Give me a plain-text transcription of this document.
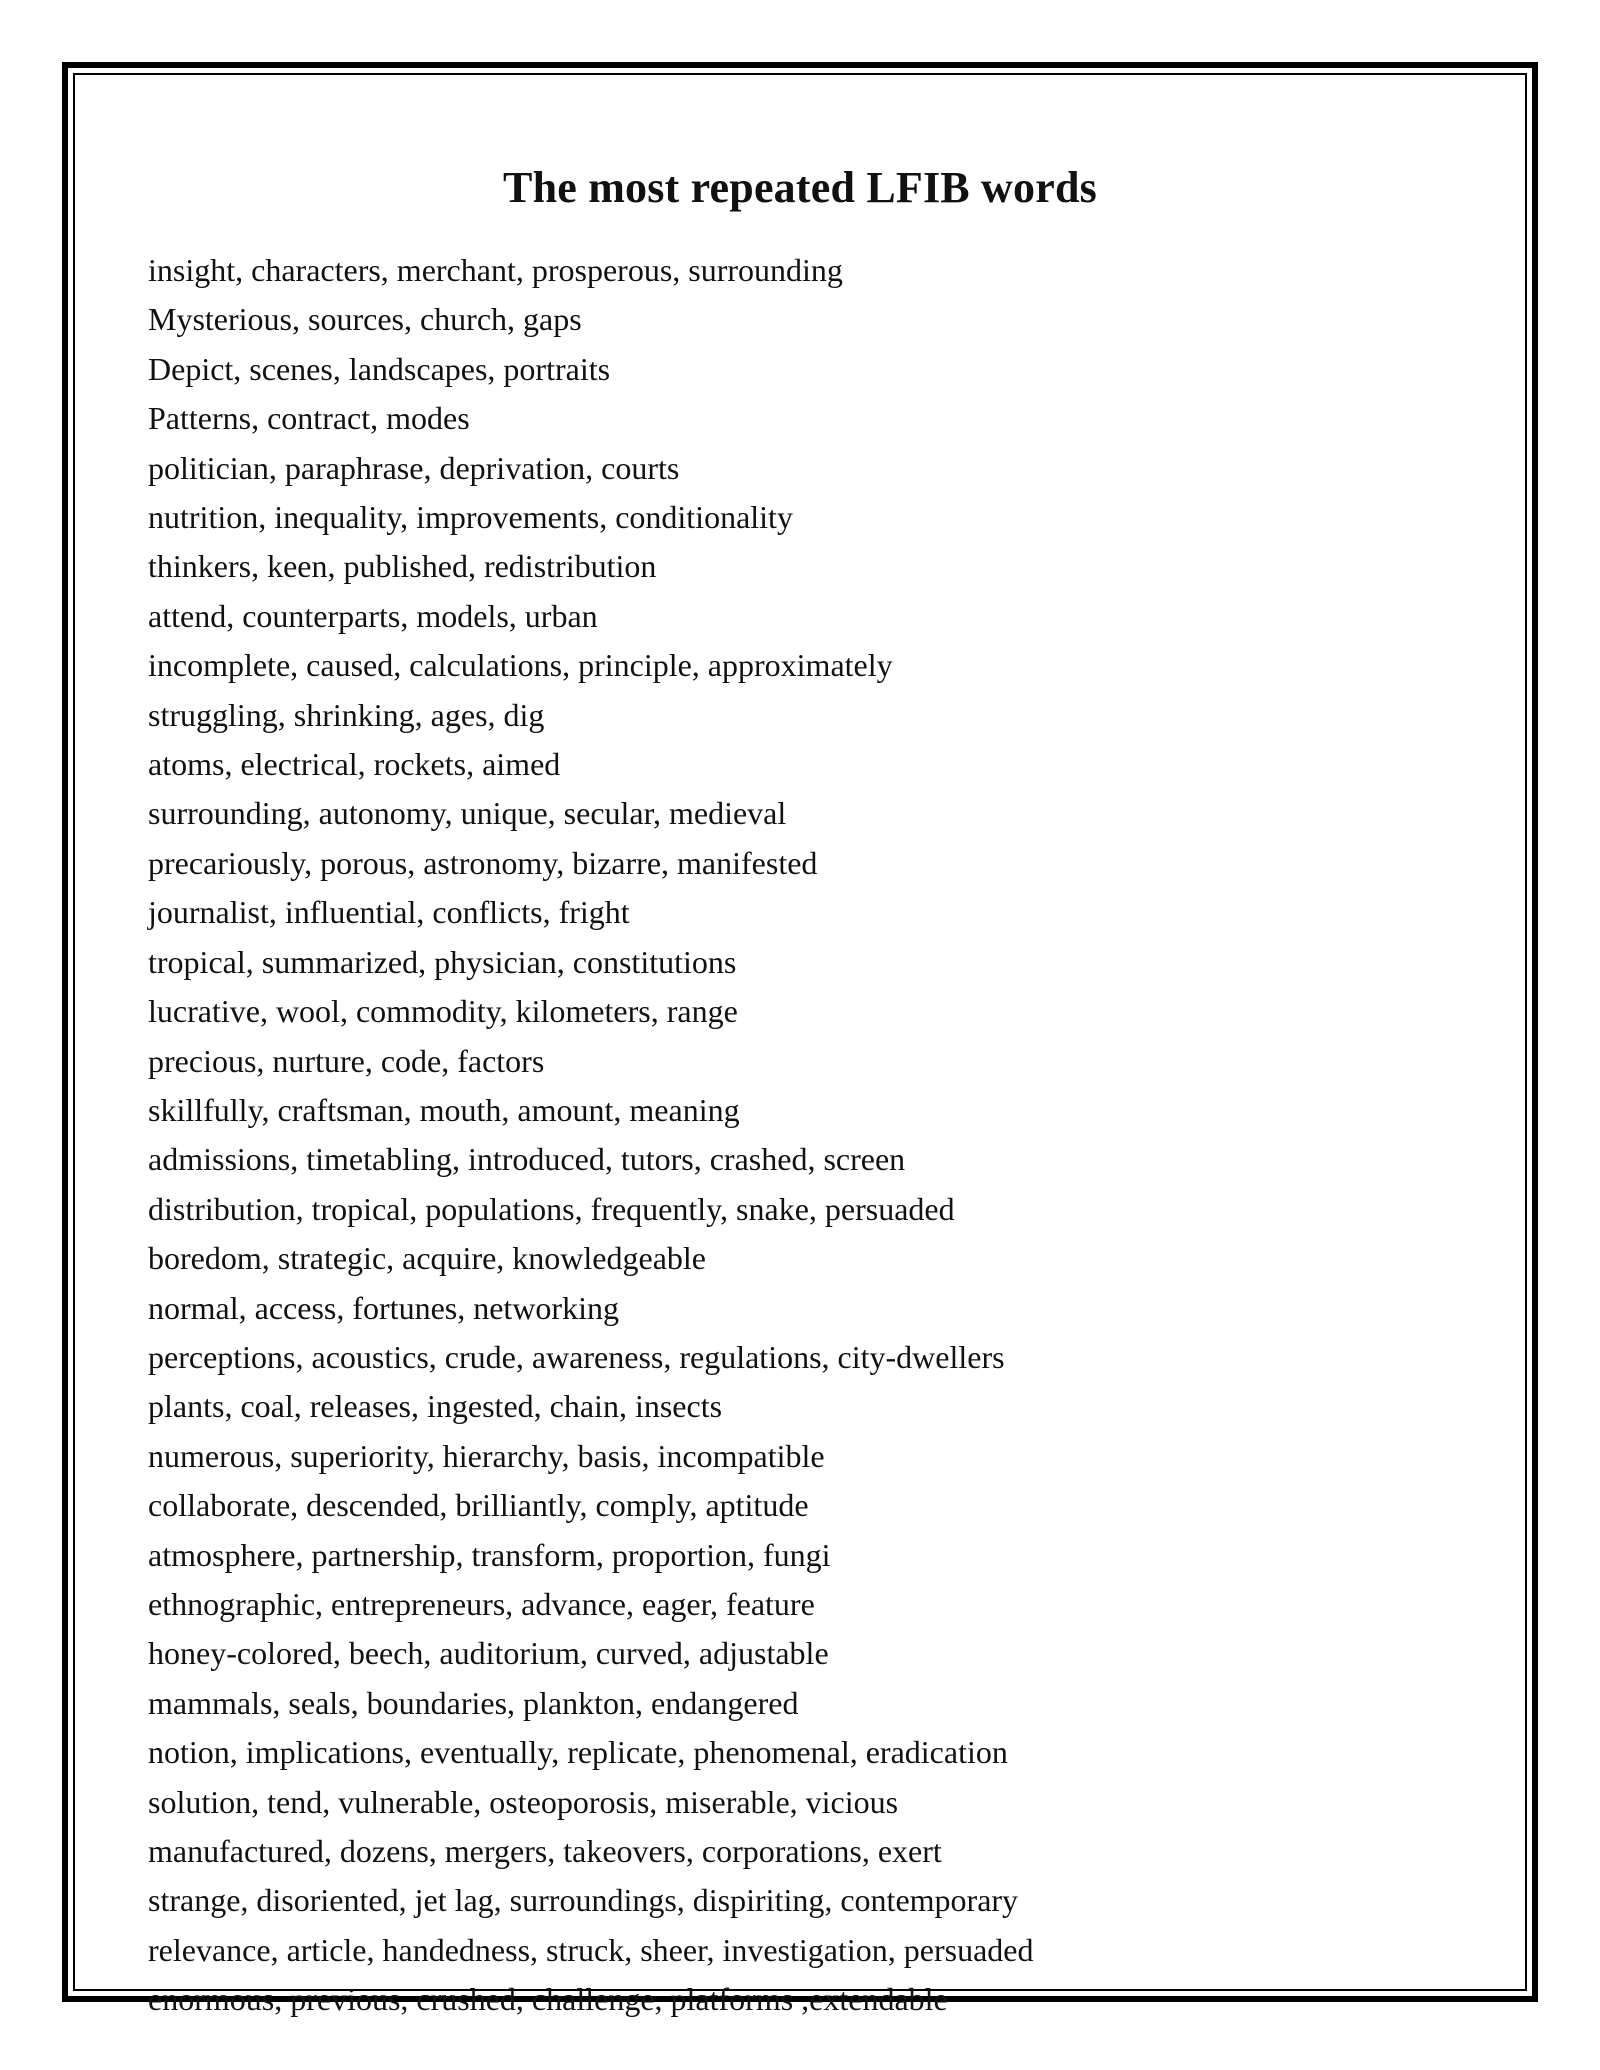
The most repeated LFIB words
insight, characters, merchant, prosperous, surrounding
Mysterious, sources, church, gaps
Depict, scenes, landscapes, portraits
Patterns, contract, modes
politician, paraphrase, deprivation, courts
nutrition, inequality, improvements, conditionality
thinkers, keen, published, redistribution
attend, counterparts, models, urban
incomplete, caused, calculations, principle, approximately
struggling, shrinking, ages, dig
atoms, electrical, rockets, aimed
surrounding, autonomy, unique, secular, medieval
precariously, porous, astronomy, bizarre, manifested
journalist, influential, conflicts, fright
tropical, summarized, physician, constitutions
lucrative, wool, commodity, kilometers, range
precious, nurture, code, factors
skillfully, craftsman, mouth, amount, meaning
admissions, timetabling, introduced, tutors, crashed, screen
distribution, tropical, populations, frequently, snake, persuaded
boredom, strategic, acquire, knowledgeable
normal, access, fortunes, networking
perceptions, acoustics, crude, awareness, regulations, city-dwellers
plants, coal, releases, ingested, chain, insects
numerous, superiority, hierarchy, basis, incompatible
collaborate, descended, brilliantly, comply, aptitude
atmosphere, partnership, transform, proportion, fungi
ethnographic, entrepreneurs, advance, eager, feature
honey-colored, beech, auditorium, curved, adjustable
mammals, seals, boundaries, plankton, endangered
notion, implications, eventually, replicate, phenomenal, eradication
solution, tend, vulnerable, osteoporosis, miserable, vicious
manufactured, dozens, mergers, takeovers, corporations, exert
strange, disoriented, jet lag, surroundings, dispiriting, contemporary
relevance, article, handedness, struck, sheer, investigation, persuaded
enormous, previous, crushed, challenge, platforms ,extendable
